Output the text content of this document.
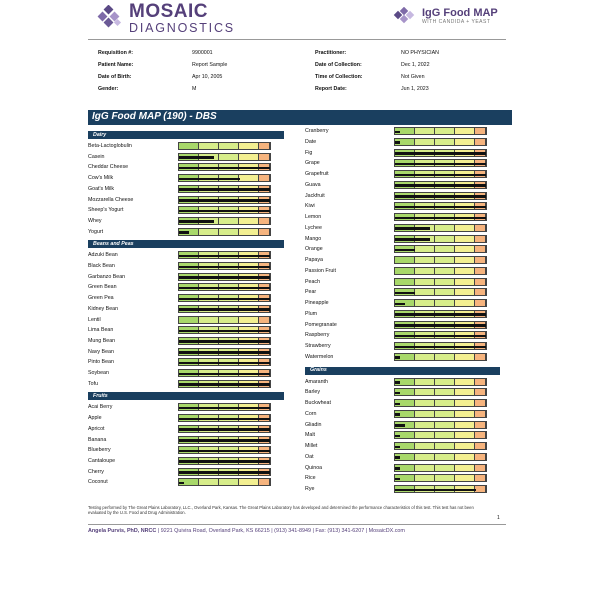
MOSAIC
DIAGNOSTICS
IgG Food MAP
WITH CANDIDA + YEAST
Requisition #:	9900001
Patient Name:	Report Sample
Date of Birth:	Apr 10, 2005
Gender:	M
Practitioner:	NO PHYSICIAN
Date of Collection:	Dec 1, 2022
Time of Collection:	Not Given
Report Date:	Jun 1, 2023
IgG Food MAP (190) - DBS
Dairy
Beta-Lactoglobulin
Casein
Cheddar Cheese
Cow's Milk
Goat's Milk
Mozzarella Cheese
Sheep's Yogurt
Whey
Yogurt
Beans and Peas
Adzuki Bean
Black Bean
Garbanzo Bean
Green Bean
Green Pea
Kidney Bean
Lentil
Lima Bean
Mung Bean
Navy Bean
Pinto Bean
Soybean
Tofu
Fruits
Acai Berry
Apple
Apricot
Banana
Blueberry
Cantaloupe
Cherry
Coconut
Cranberry
Date
Fig
Grape
Grapefruit
Guava
Jackfruit
Kiwi
Lemon
Lychee
Mango
Orange
Papaya
Passion Fruit
Peach
Pear
Pineapple
Plum
Pomegranate
Raspberry
Strawberry
Watermelon
Grains
Amaranth
Barley
Buckwheat
Corn
Gliadin
Malt
Millet
Oat
Quinoa
Rice
Rye
Testing performed by The Great Plains Laboratory, LLC., Overland Park, Kansas. The Great Plains Laboratory has developed and determined the performance characteristics of this test. This test has not been evaluated by the U.S. Food and Drug Administration.
1
Angela Purvis, PhD, NRCC | 9221 Quivira Road, Overland Park, KS 66215 | (913) 341-8949 | Fax: (913) 341-6207 | MosaicDX.com
